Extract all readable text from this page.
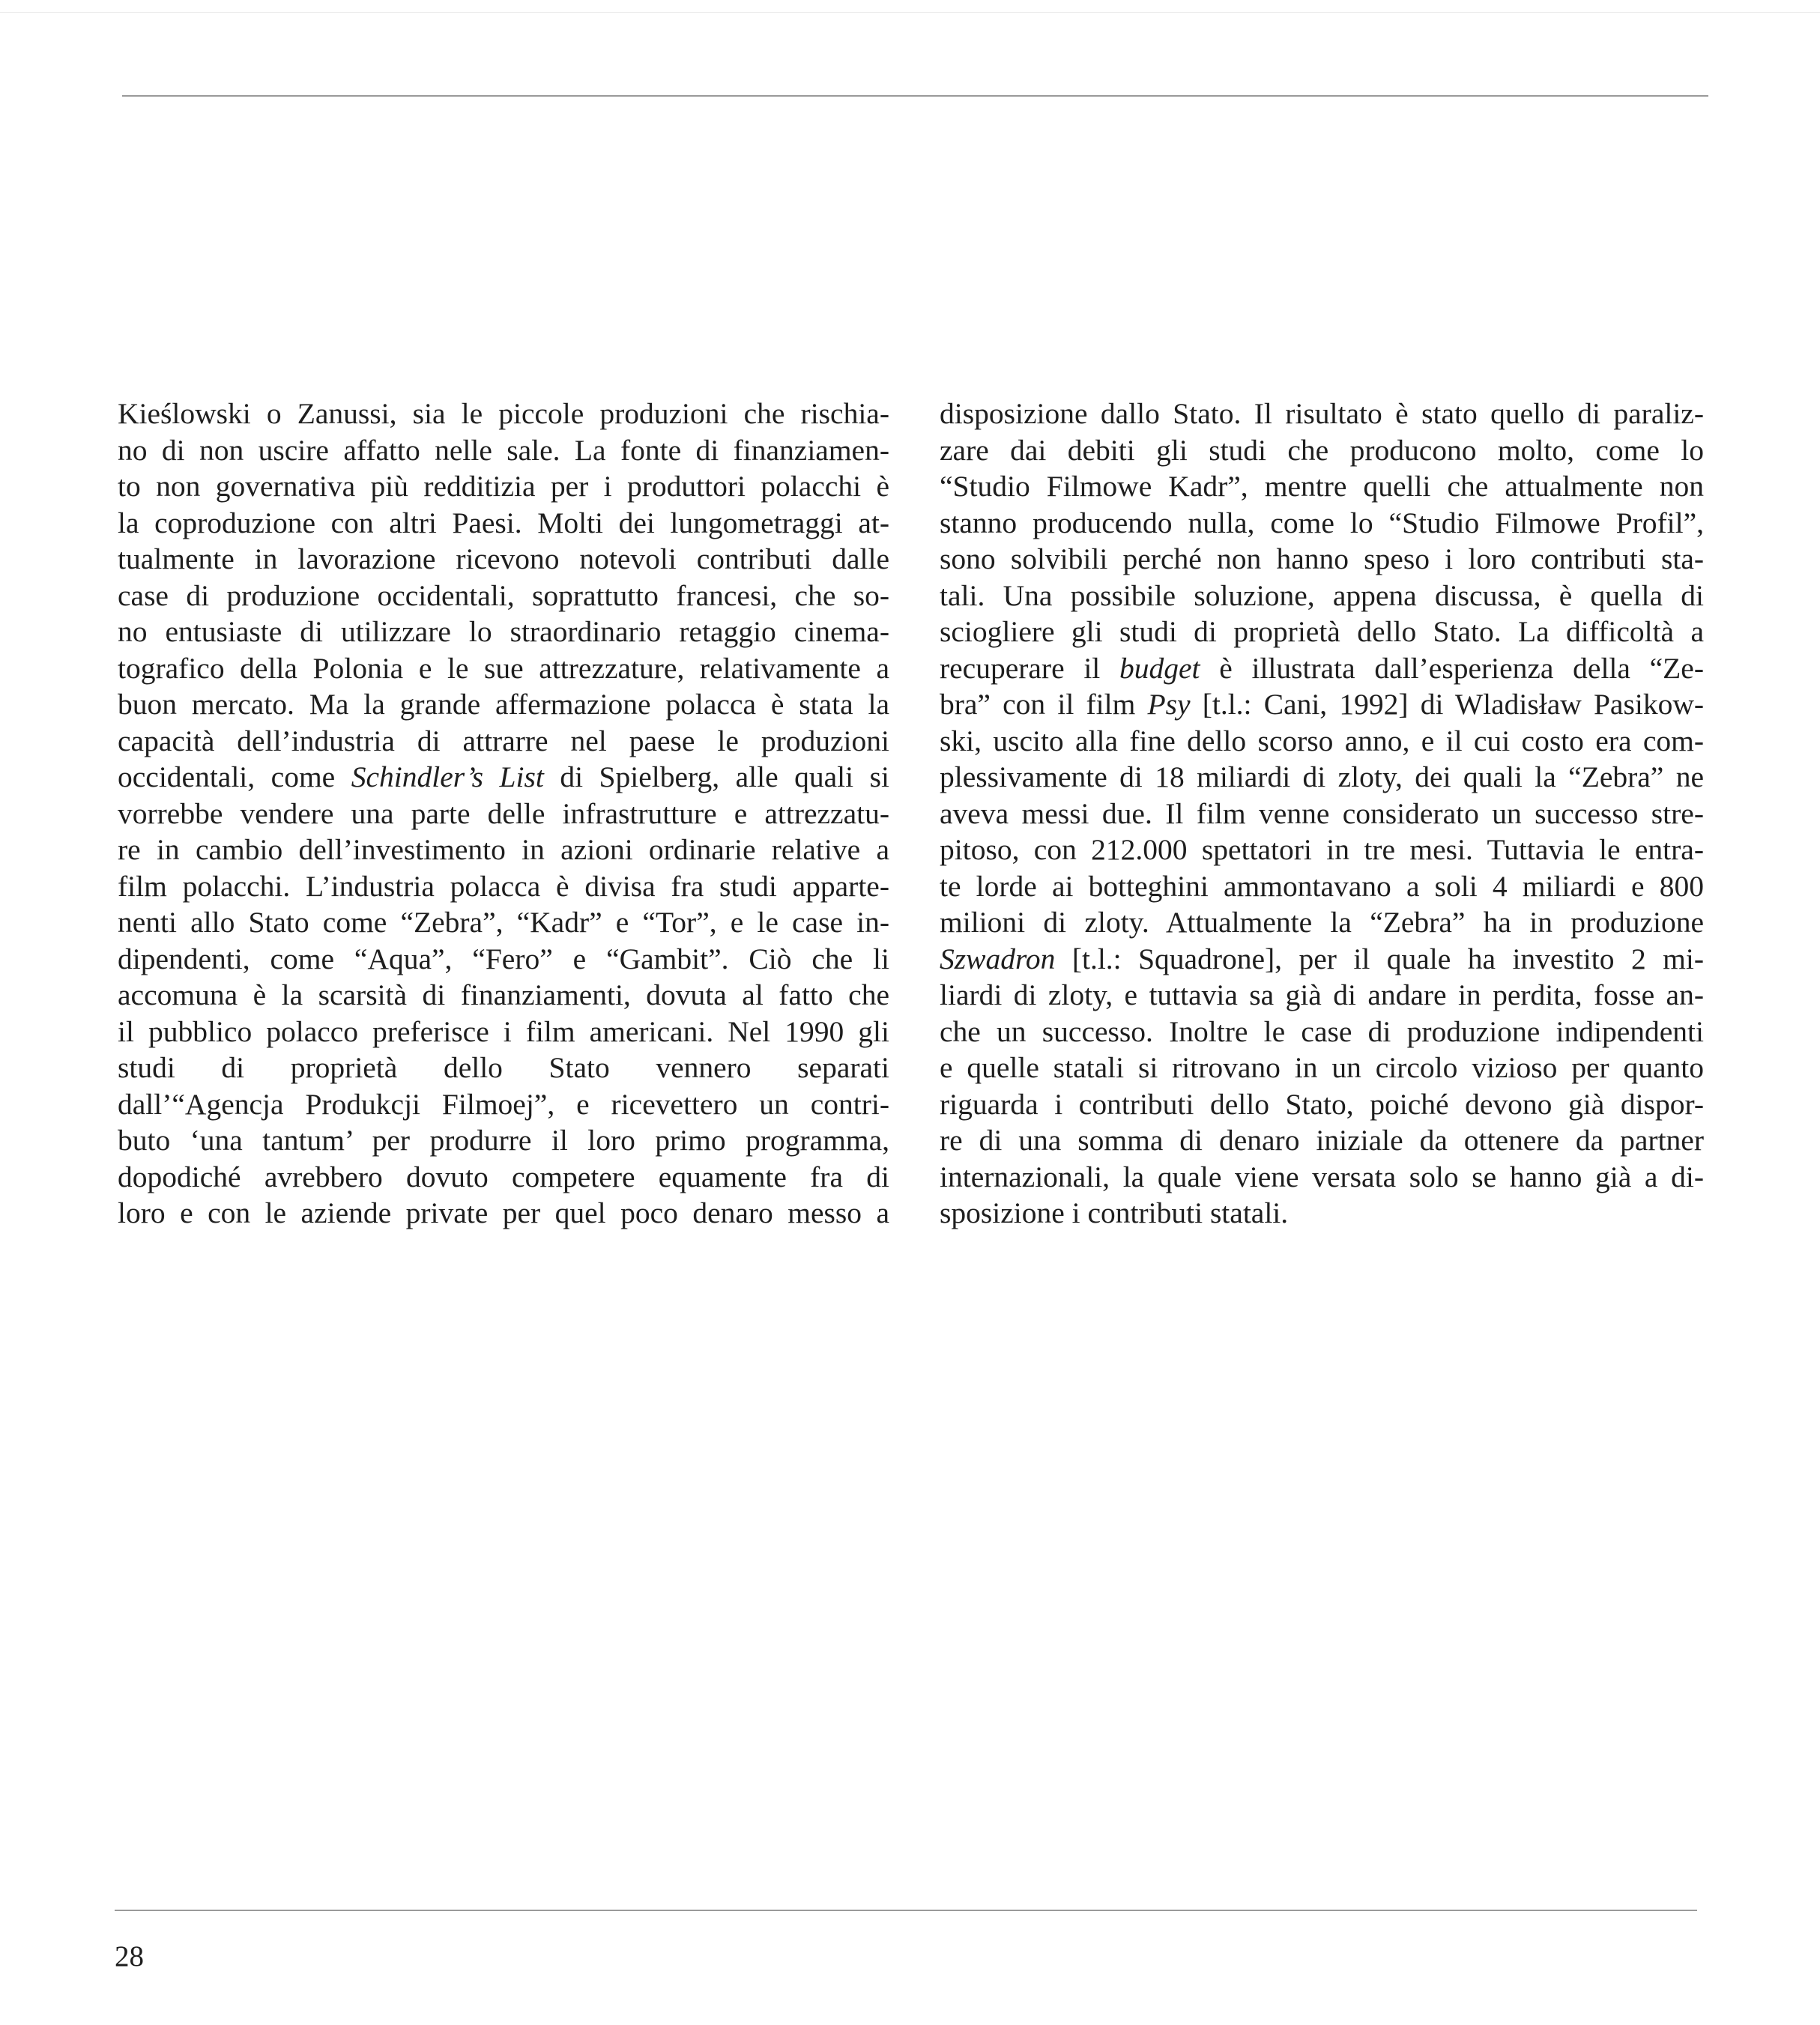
Kieślowski o Zanussi, sia le piccole produzioni che rischia-
no di non uscire affatto nelle sale. La fonte di finanziamen-
to non governativa più redditizia per i produttori polacchi è
la coproduzione con altri Paesi. Molti dei lungometraggi at-
tualmente in lavorazione ricevono notevoli contributi dalle
case di produzione occidentali, soprattutto francesi, che so-
no entusiaste di utilizzare lo straordinario retaggio cinema-
tografico della Polonia e le sue attrezzature, relativamente a
buon mercato. Ma la grande affermazione polacca è stata la
capacità dell’industria di attrarre nel paese le produzioni
occidentali, come Schindler’s List di Spielberg, alle quali si
vorrebbe vendere una parte delle infrastrutture e attrezzatu-
re in cambio dell’investimento in azioni ordinarie relative a
film polacchi. L’industria polacca è divisa fra studi apparte-
nenti allo Stato come “Zebra”, “Kadr” e “Tor”, e le case in-
dipendenti, come “Aqua”, “Fero” e “Gambit”. Ciò che li
accomuna è la scarsità di finanziamenti, dovuta al fatto che
il pubblico polacco preferisce i film americani. Nel 1990 gli
studi di proprietà dello Stato vennero separati
dall’“Agencja Produkcji Filmoej”, e ricevettero un contri-
buto ‘una tantum’ per produrre il loro primo programma,
dopodiché avrebbero dovuto competere equamente fra di
loro e con le aziende private per quel poco denaro messo a
disposizione dallo Stato. Il risultato è stato quello di paraliz-
zare dai debiti gli studi che producono molto, come lo
“Studio Filmowe Kadr”, mentre quelli che attualmente non
stanno producendo nulla, come lo “Studio Filmowe Profil”,
sono solvibili perché non hanno speso i loro contributi sta-
tali. Una possibile soluzione, appena discussa, è quella di
sciogliere gli studi di proprietà dello Stato. La difficoltà a
recuperare il budget è illustrata dall’esperienza della “Ze-
bra” con il film Psy [t.l.: Cani, 1992] di Wladisław Pasikow-
ski, uscito alla fine dello scorso anno, e il cui costo era com-
plessivamente di 18 miliardi di zloty, dei quali la “Zebra” ne
aveva messi due. Il film venne considerato un successo stre-
pitoso, con 212.000 spettatori in tre mesi. Tuttavia le entra-
te lorde ai botteghini ammontavano a soli 4 miliardi e 800
milioni di zloty. Attualmente la “Zebra” ha in produzione
Szwadron [t.l.: Squadrone], per il quale ha investito 2 mi-
liardi di zloty, e tuttavia sa già di andare in perdita, fosse an-
che un successo. Inoltre le case di produzione indipendenti
e quelle statali si ritrovano in un circolo vizioso per quanto
riguarda i contributi dello Stato, poiché devono già dispor-
re di una somma di denaro iniziale da ottenere da partner
internazionali, la quale viene versata solo se hanno già a di-
sposizione i contributi statali.
28
